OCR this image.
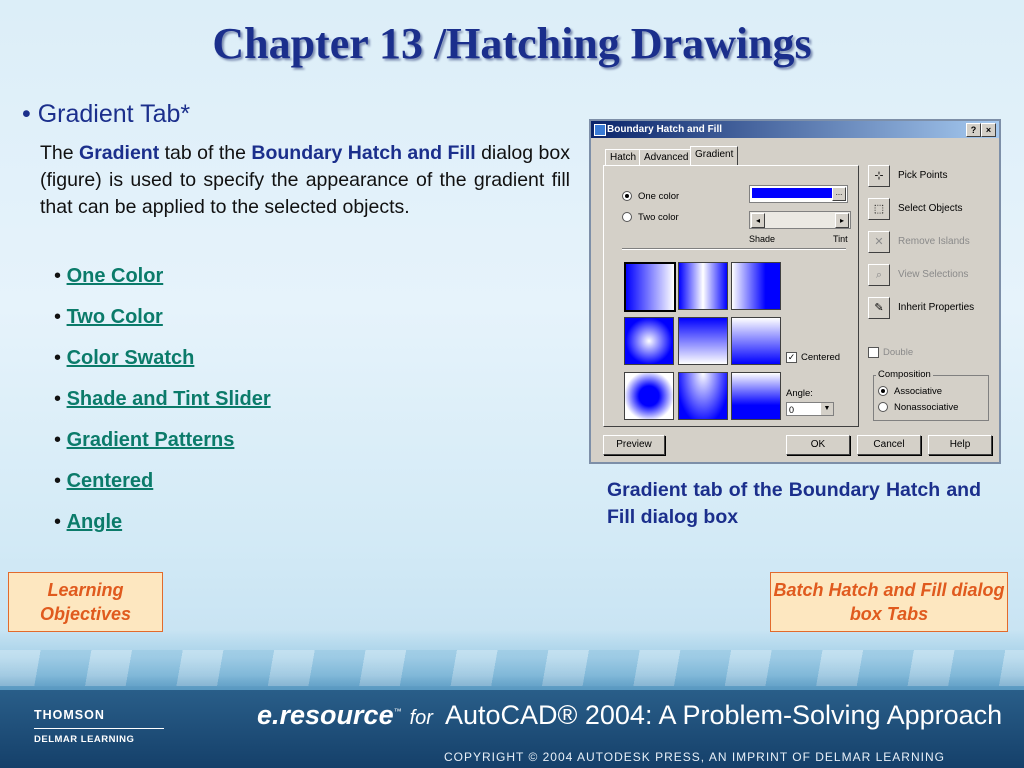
Chapter 13 /Hatching Drawings
• Gradient Tab*
The Gradient tab of the Boundary Hatch and Fill dialog box (figure) is used to specify the appearance of the gradient fill that can be applied to the selected objects.
• One Color
• Two Color
• Color Swatch
• Shade and Tint Slider
• Gradient Patterns
• Centered
• Angle
Boundary Hatch and Fill	?	×
Hatch Advanced Gradient
One color
Two color
...
◂	▸
Shade	Tint
✓ Centered
Angle:
0	▼
⊹	Pick Points
⬚	Select Objects
✕	Remove Islands
⌕	View Selections
✎	Inherit Properties
Double
Composition
Associative
Nonassociative
Preview	OK	Cancel	Help
Gradient tab of the Boundary Hatch and Fill dialog box
Learning Objectives
Batch Hatch and Fill dialog box Tabs
THOMSON
DELMAR LEARNING
e.resource™ for AutoCAD® 2004: A Problem-Solving Approach
COPYRIGHT © 2004 AUTODESK PRESS, AN IMPRINT OF DELMAR LEARNING
